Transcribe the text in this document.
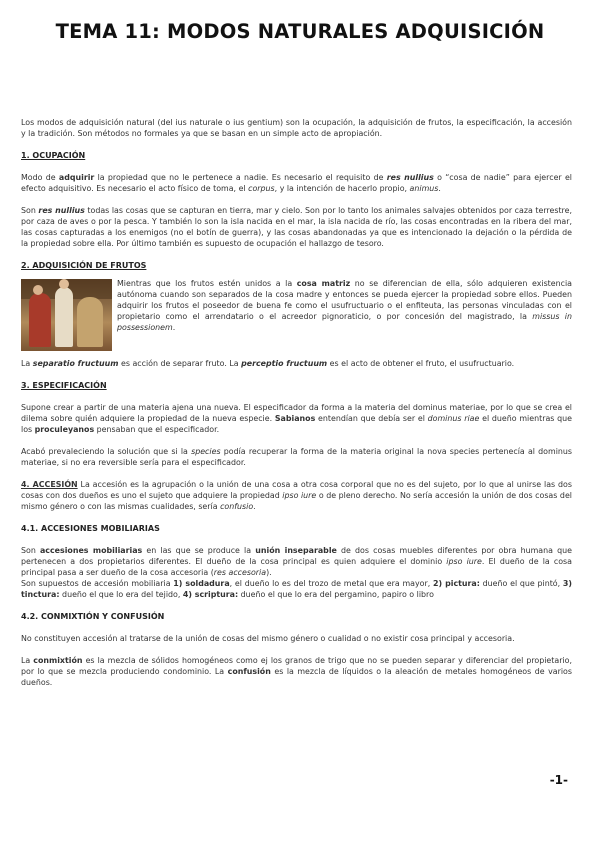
TEMA 11: MODOS NATURALES ADQUISICIÓN

Los modos de adquisición natural (del ius naturale o ius gentium) son la ocupación, la adquisición de frutos, la especificación, la accesión y la tradición. Son métodos no formales ya que se basan en un simple acto de apropiación.

1. OCUPACIÓN

Modo de adquirir la propiedad que no le pertenece a nadie. Es necesario el requisito de res nullius o “cosa de nadie” para ejercer el efecto adquisitivo. Es necesario el acto físico de toma, el corpus, y la intención de hacerlo propio, animus.

Son res nullius todas las cosas que se capturan en tierra, mar y cielo. Son por lo tanto los animales salvajes obtenidos por caza terrestre, por caza de aves o por la pesca. Y también lo son la isla nacida en el mar, la isla nacida de río, las cosas encontradas en la ribera del mar, las cosas capturadas a los enemigos (no el botín de guerra), y las cosas abandonadas ya que es intencionado la dejación o la pérdida de la propiedad sobre ella. Por último también es supuesto de ocupación el hallazgo de tesoro.

2. ADQUISICIÓN DE FRUTOS

Mientras que los frutos estén unidos a la cosa matriz no se diferencian de ella, sólo adquieren existencia autónoma cuando son separados de la cosa madre y entonces se pueda ejercer la propiedad sobre ellos. Pueden adquirir los frutos el poseedor de buena fe como el usufructuario o el enfiteuta, las personas vinculadas con el propietario como el arrendatario o el acreedor pignoraticio, o por concesión del magistrado, la missus in possessionem.

La separatio fructuum es acción de separar fruto. La perceptio fructuum es el acto de obtener el fruto, el usufructuario.

3. ESPECIFICACIÓN

Supone crear a partir de una materia ajena una nueva. El especificador da forma a la materia del dominus materiae, por lo que se crea el dilema sobre quién adquiere la propiedad de la nueva especie. Sabianos entendían que debía ser el dominus riae el dueño mientras que los proculeyanos pensaban que el especificador.

Acabó prevaleciendo la solución que si la species podía recuperar la forma de la materia original la nova species pertenecía al dominus materiae, si no era reversible sería para el especificador.

4. ACCESIÓN La accesión es la agrupación o la unión de una cosa a otra cosa corporal que no es del sujeto, por lo que al unirse las dos cosas con dos dueños es uno el sujeto que adquiere la propiedad ipso iure o de pleno derecho. No sería accesión la unión de dos cosas del mismo género o con las mismas cualidades, sería confusio.

4.1. ACCESIONES MOBILIARIAS

Son accesiones mobiliarias en las que se produce la unión inseparable de dos cosas muebles diferentes por obra humana que pertenecen a dos propietarios diferentes. El dueño de la cosa principal es quien adquiere el dominio ipso iure. El dueño de la cosa principal pasa a ser dueño de la cosa accesoria (res accesoria).

Son supuestos de accesión mobiliaria 1) soldadura, el dueño lo es del trozo de metal que era mayor, 2) pictura: dueño el que pintó, 3) tinctura: dueño el que lo era del tejido, 4) scriptura: dueño el que lo era del pergamino, papiro o libro

4.2. CONMIXTIÓN Y CONFUSIÓN

No constituyen accesión al tratarse de la unión de cosas del mismo género o cualidad o no existir cosa principal y accesoria.

La conmixtión es la mezcla de sólidos homogéneos como ej los granos de trigo que no se pueden separar y diferenciar del propietario, por lo que se mezcla produciendo condominio. La confusión es la mezcla de líquidos o la aleación de metales homogéneos de varios dueños.

-1-
